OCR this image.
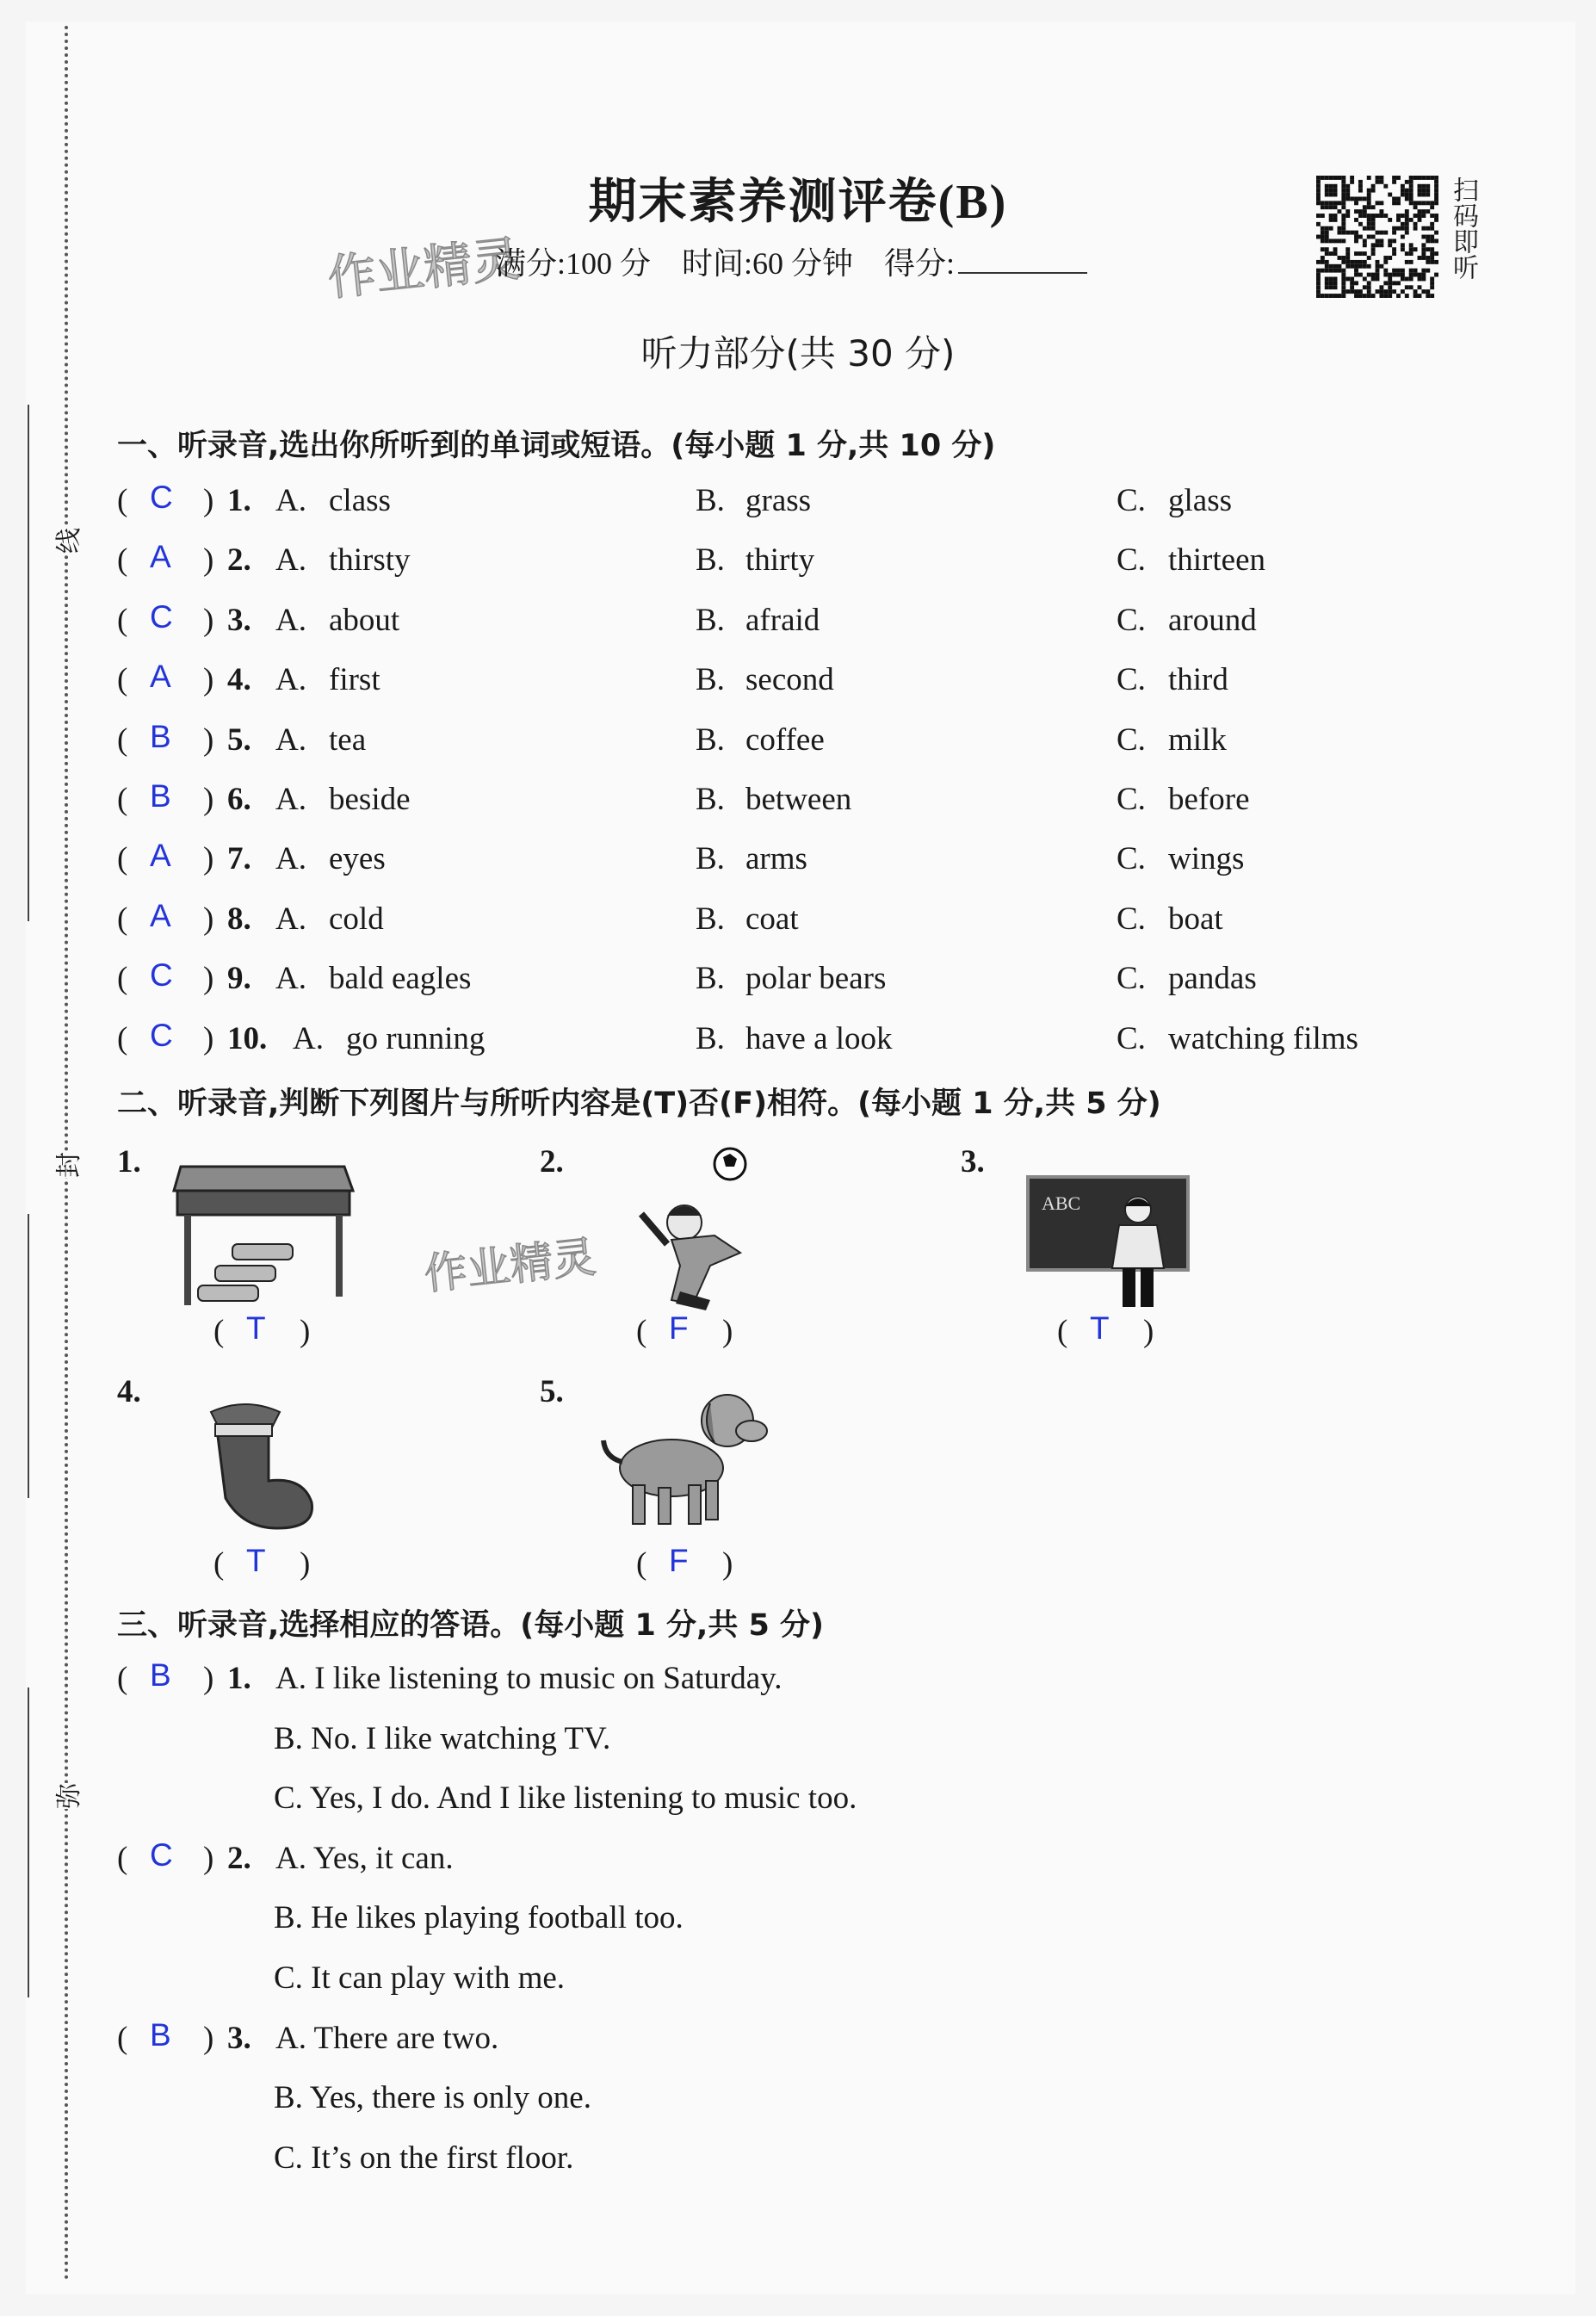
线
封
弥
期末素养测评卷(B)
作业精灵
作业精灵
满分:100 分 时间:60 分钟 得分:	扫码即听
听力部分(共 30 分)
一、听录音,选出你所听到的单词或短语。(每小题 1 分,共 10 分)
二、听录音,判断下列图片与所听内容是(T)否(F)相符。(每小题 1 分,共 5 分)
三、听录音,选择相应的答语。(每小题 1 分,共 5 分)
( C ) 1. A. class	B. grass	C. glass
( A ) 2. A. thirsty	B. thirty	C. thirteen
( C ) 3. A. about	B. afraid	C. around
( A ) 4. A. first	B. second	C. third
( B ) 5. A. tea	B. coffee	C. milk
( B ) 6. A. beside	B. between	C. before
( A ) 7. A. eyes	B. arms	C. wings
( A ) 8. A. cold	B. coat	C. boat
( C ) 9. A. bald eagles	B. polar bears	C. pandas
( C ) 10. A. go running	B. have a look	C. watching films
1.
( T )
2.
( F )
3.
( T )
4.
( T )
5.
( F )
( B ) 1. A. I like listening to music on Saturday.
B. No. I like watching TV.
C. Yes, I do. And I like listening to music too.
( C ) 2. A. Yes, it can.
B. He likes playing football too.
C. It can play with me.
( B ) 3. A. There are two.
B. Yes, there is only one.
C. It’s on the first floor.
ABC
